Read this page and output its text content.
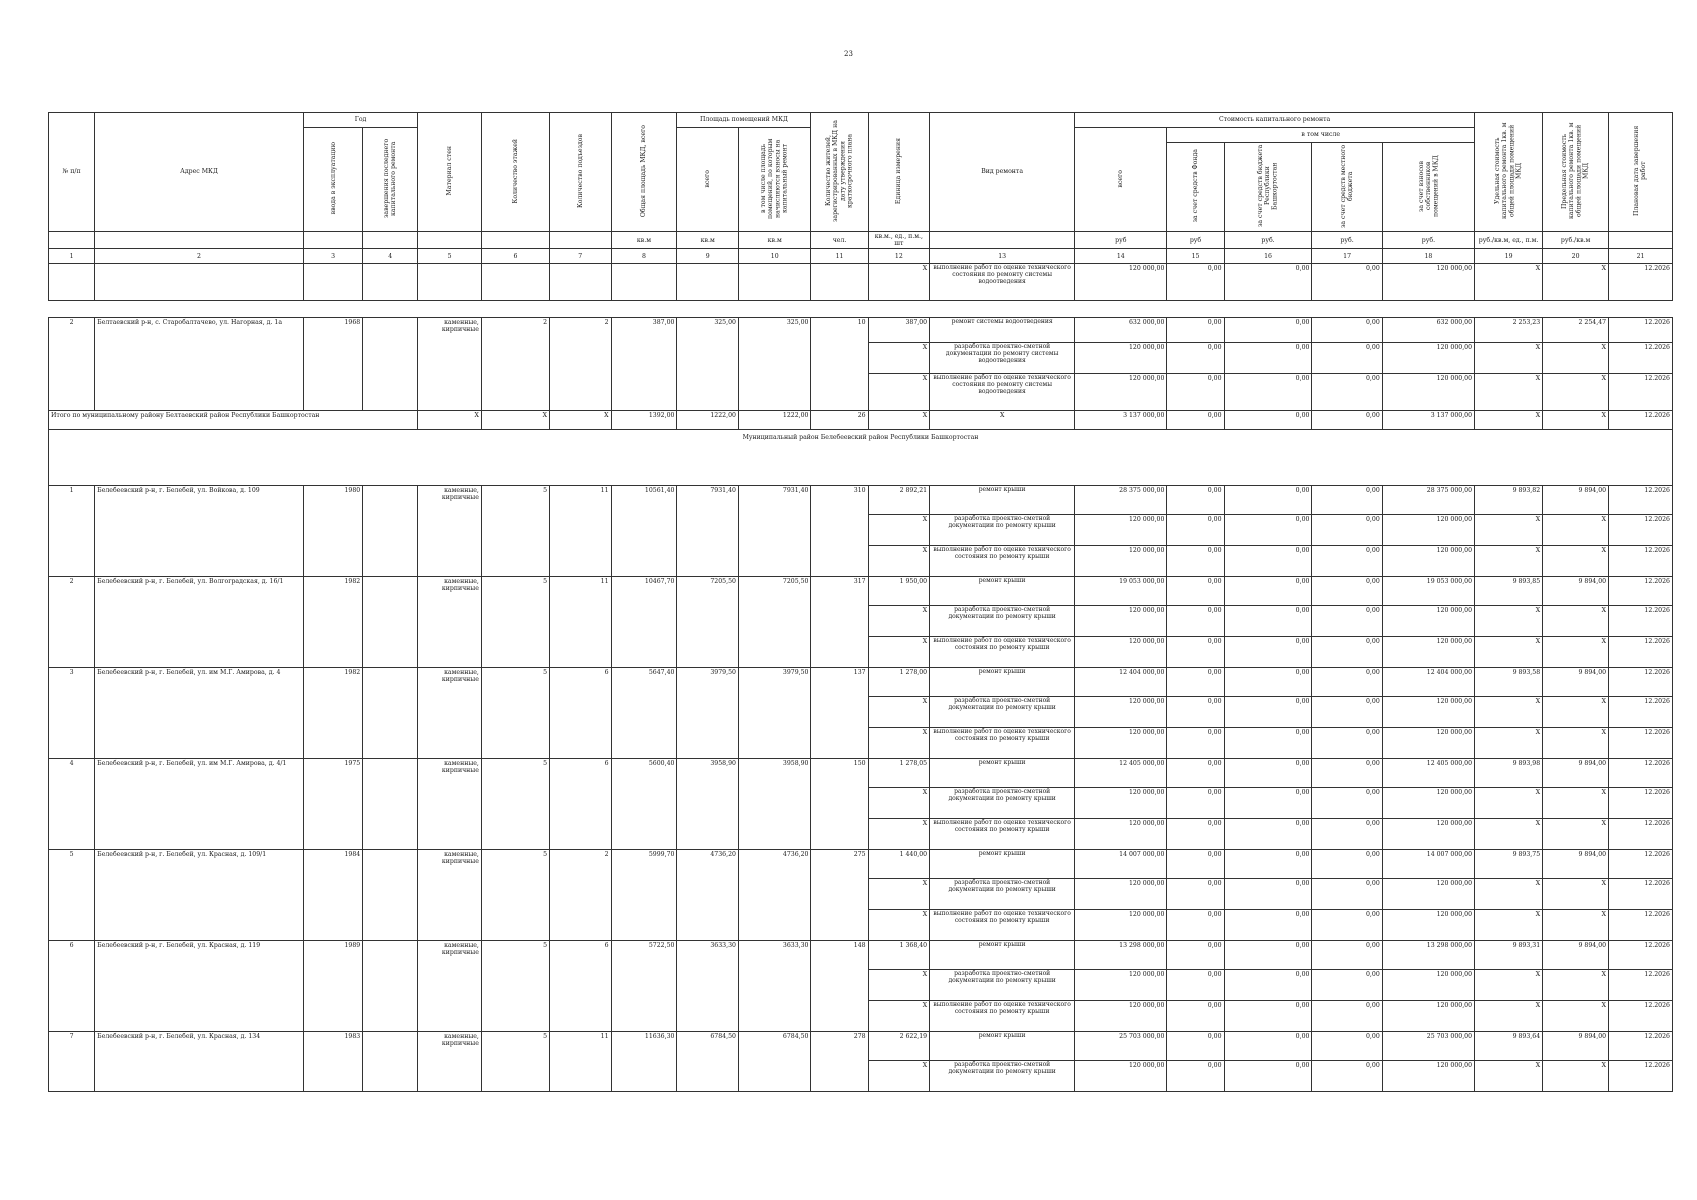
23
№ п/п	Адрес МКД	Год		Материал стен	Количество этажей	Количество подъездов	Общая площадь МКД, всего	Площадь помещений МКД		Количество жителей, зарегистрированных в МКД на дату утверждения краткосрочного плана	Единица измерения	Вид ремонта	Стоимость капитального ремонта					Удельная стоимость капитального ремонта 1кв. м общей площади помещений МКД	Предельная стоимость капитального ремонта 1кв. м общей площади помещений МКД	Плановая дата завершения работ
		ввода в эксплуатацию	завершения последнего капитального ремонта					всего	в том числе площадь помещений, по которым начисляются взносы на капитальный ремонт				всего	в том числе						
														за счет средств Фонда	за счет средств бюджета Республики Башкортостан	за счет средств местного бюджета	за счет взносов собственников помещений в МКД			
							кв.м	кв.м	кв.м	чел.	кв.м., ед., п.м., шт		руб	руб	руб.	руб.	руб.	руб./кв.м, ед., п.м.	руб./кв.м	
1	2	3	4	5	6	7	8	9	10	11	12	13	14	15	16	17	18	19	20	21
											X	выполнение работ по оценке технического состояния по ремонту системы водоотведения	120 000,00	0,00	0,00	0,00	120 000,00	X	X	12.2026

2	Белтаевский р-н, с. Старобалтачево, ул. Нагорная, д. 1а	1968		каменные, кирпичные	2	2	387,00	325,00	325,00	10	387,00	ремонт системы водоотведения	632 000,00	0,00	0,00	0,00	632 000,00	2 253,23	2 254,47	12.2026
											X	разработка проектно-сметной документации по ремонту системы водоотведения	120 000,00	0,00	0,00	0,00	120 000,00	X	X	12.2026
											X	выполнение работ по оценке технического состояния по ремонту системы водоотведения	120 000,00	0,00	0,00	0,00	120 000,00	X	X	12.2026
Итого по муниципальному району Белтаевский район Республики Башкортостан				X	X	X	1392,00	1222,00	1222,00	26	X	X	3 137 000,00	0,00	0,00	0,00	3 137 000,00	X	X	12.2026
Муниципальный район Белебеевский район Республики Башкортостан																				
1	Белебеевский р-н, г. Белебей, ул. Войкова, д. 109	1980		каменные, кирпичные	5	11	10561,40	7931,40	7931,40	310	2 892,21	ремонт крыши	28 375 000,00	0,00	0,00	0,00	28 375 000,00	9 893,82	9 894,00	12.2026
											X	разработка проектно-сметной документации по ремонту крыши	120 000,00	0,00	0,00	0,00	120 000,00	X	X	12.2026
											X	выполнение работ по оценке технического состояния по ремонту крыши	120 000,00	0,00	0,00	0,00	120 000,00	X	X	12.2026
2	Белебеевский р-н, г. Белебей, ул. Волгоградская, д. 16/1	1982		каменные, кирпичные	5	11	10467,70	7205,50	7205,50	317	1 950,00	ремонт крыши	19 053 000,00	0,00	0,00	0,00	19 053 000,00	9 893,85	9 894,00	12.2026
											X	разработка проектно-сметной документации по ремонту крыши	120 000,00	0,00	0,00	0,00	120 000,00	X	X	12.2026
											X	выполнение работ по оценке технического состояния по ремонту крыши	120 000,00	0,00	0,00	0,00	120 000,00	X	X	12.2026
3	Белебеевский р-н, г. Белебей, ул. им М.Г. Амирова, д. 4	1982		каменные, кирпичные	5	6	5647,40	3979,50	3979,50	137	1 278,00	ремонт крыши	12 404 000,00	0,00	0,00	0,00	12 404 000,00	9 893,58	9 894,00	12.2026
											X	разработка проектно-сметной документации по ремонту крыши	120 000,00	0,00	0,00	0,00	120 000,00	X	X	12.2026
											X	выполнение работ по оценке технического состояния по ремонту крыши	120 000,00	0,00	0,00	0,00	120 000,00	X	X	12.2026
4	Белебеевский р-н, г. Белебей, ул. им М.Г. Амирова, д. 4/1	1975		каменные, кирпичные	5	6	5600,40	3958,90	3958,90	150	1 278,05	ремонт крыши	12 405 000,00	0,00	0,00	0,00	12 405 000,00	9 893,98	9 894,00	12.2026
											X	разработка проектно-сметной документации по ремонту крыши	120 000,00	0,00	0,00	0,00	120 000,00	X	X	12.2026
											X	выполнение работ по оценке технического состояния по ремонту крыши	120 000,00	0,00	0,00	0,00	120 000,00	X	X	12.2026
5	Белебеевский р-н, г. Белебей, ул. Красная, д. 109/1	1984		каменные, кирпичные	5	2	5999,70	4736,20	4736,20	275	1 440,00	ремонт крыши	14 007 000,00	0,00	0,00	0,00	14 007 000,00	9 893,75	9 894,00	12.2026
											X	разработка проектно-сметной документации по ремонту крыши	120 000,00	0,00	0,00	0,00	120 000,00	X	X	12.2026
											X	выполнение работ по оценке технического состояния по ремонту крыши	120 000,00	0,00	0,00	0,00	120 000,00	X	X	12.2026
6	Белебеевский р-н, г. Белебей, ул. Красная, д. 119	1989		каменные, кирпичные	5	6	5722,50	3633,30	3633,30	148	1 368,40	ремонт крыши	13 298 000,00	0,00	0,00	0,00	13 298 000,00	9 893,31	9 894,00	12.2026
											X	разработка проектно-сметной документации по ремонту крыши	120 000,00	0,00	0,00	0,00	120 000,00	X	X	12.2026
											X	выполнение работ по оценке технического состояния по ремонту крыши	120 000,00	0,00	0,00	0,00	120 000,00	X	X	12.2026
7	Белебеевский р-н, г. Белебей, ул. Красная, д. 134	1983		каменные, кирпичные	5	11	11636,30	6784,50	6784,50	278	2 622,19	ремонт крыши	25 703 000,00	0,00	0,00	0,00	25 703 000,00	9 893,64	9 894,00	12.2026
											X	разработка проектно-сметной документации по ремонту крыши	120 000,00	0,00	0,00	0,00	120 000,00	X	X	12.2026
